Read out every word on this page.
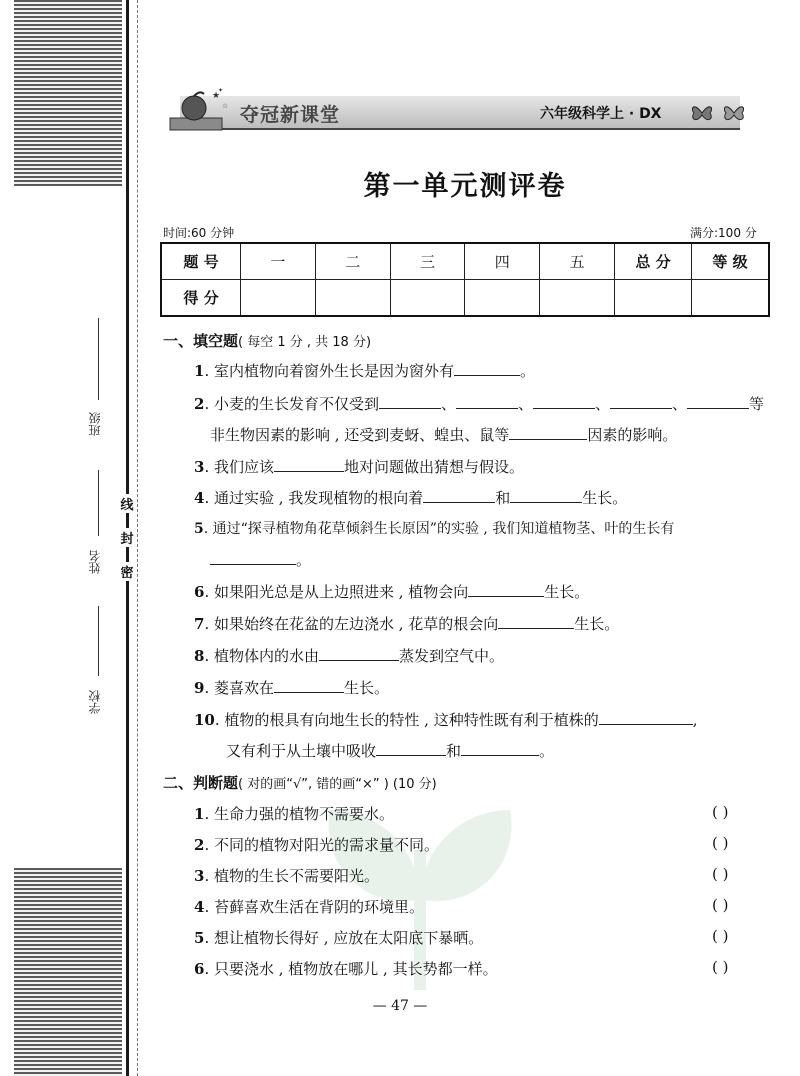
班级
姓名
学校
线
封
密
★
☆
✦
夺冠新课堂	六年级科学上 · DX
第一单元测评卷
时间:60 分钟	满分:100 分
题 号	一	二	三	四	五	总 分	等 级
得 分							
一、填空题( 每空 1 分 , 共 18 分)
1. 室内植物向着窗外生长是因为窗外有	。
2. 小麦的生长发育不仅受到	、	、	、	、	等
非生物因素的影响 , 还受到麦蚜、蝗虫、鼠等	因素的影响。
3. 我们应该	地对问题做出猜想与假设。
4. 通过实验 , 我发现植物的根向着	和	生长。
5. 通过“探寻植物角花草倾斜生长原因”的实验 , 我们知道植物茎、叶的生长有
。
6. 如果阳光总是从上边照进来 , 植物会向	生长。
7. 如果始终在花盆的左边浇水 , 花草的根会向	生长。
8. 植物体内的水由	蒸发到空气中。
9. 菱喜欢在	生长。
10. 植物的根具有向地生长的特性 , 这种特性既有利于植株的	,
又有利于从土壤中吸收	和	。
二、判断题( 对的画“√”, 错的画“×” ) (10 分)
1. 生命力强的植物不需要水。	( )
2. 不同的植物对阳光的需求量不同。	( )
3. 植物的生长不需要阳光。	( )
4. 苔藓喜欢生活在背阴的环境里。	( )
5. 想让植物长得好 , 应放在太阳底下暴晒。	( )
6. 只要浇水 , 植物放在哪儿 , 其长势都一样。	( )
— 47 —
